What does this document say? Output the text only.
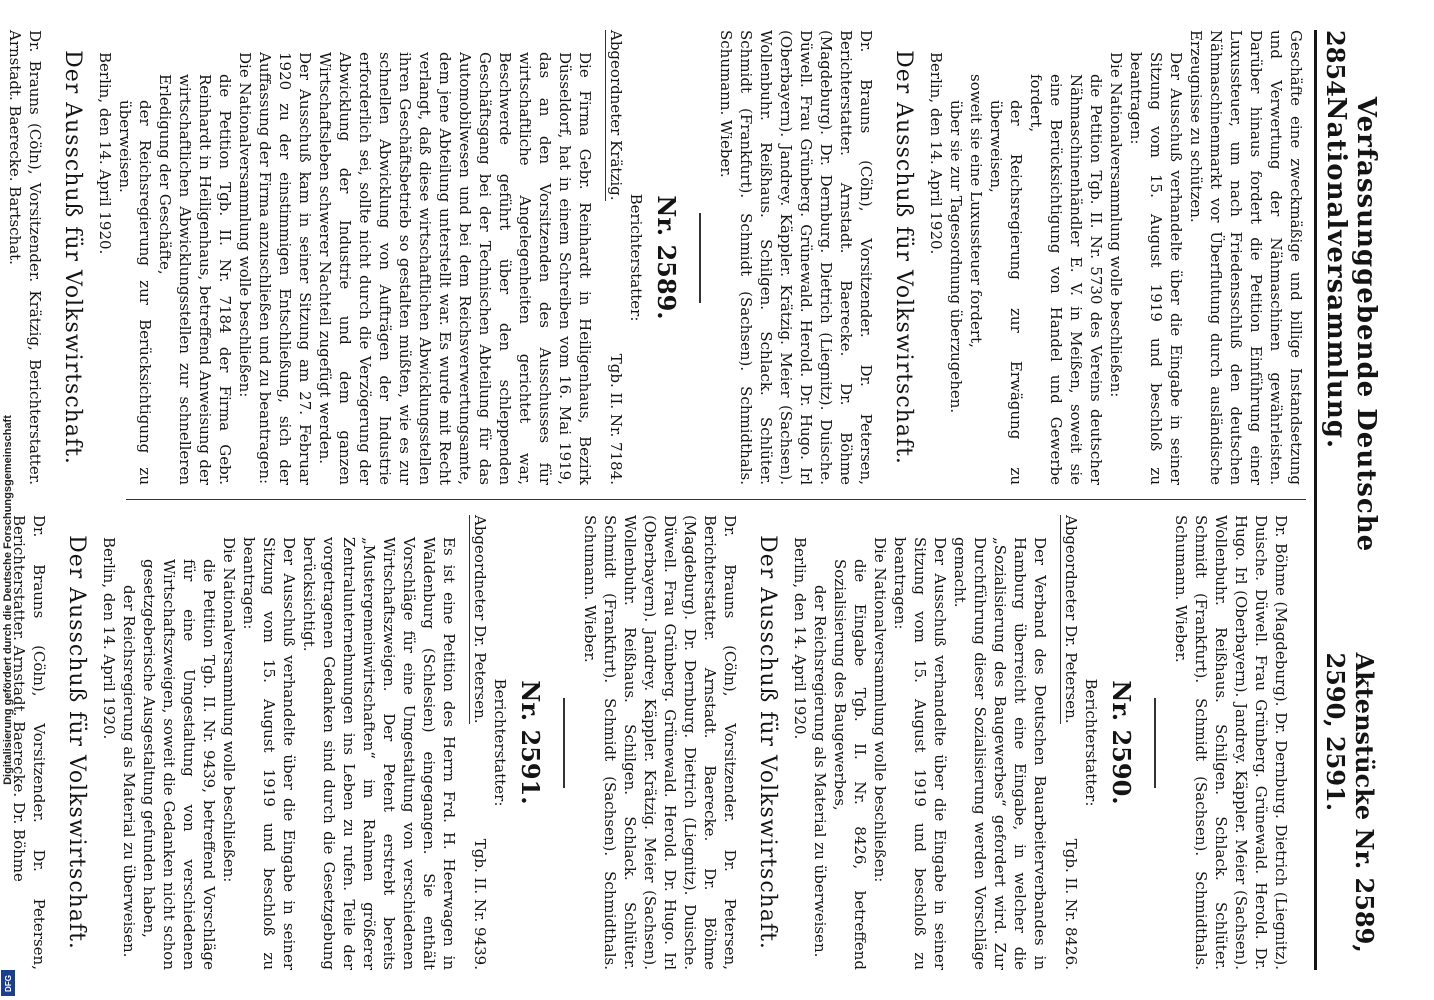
Digitalisierung gefördert durch die Deutsche Forschungsgemeinschaft
DFG
2854
Verfassunggebende Deutsche Nationalversammlung.
Aktenstücke Nr. 2589, 2590, 2591.

Geschäfte eine zweckmäßige und billige Instandsetzung und Verwertung der Nähmaschinen gewährleisten. Darüber hinaus fordert die Petition Einführung einer Luxussteuer, um nach Friedensschluß den deutschen Nähmaschinenmarkt vor Überflutung durch ausländische Erzeugnisse zu schützen.

Der Ausschuß verhandelte über die Eingabe in seiner Sitzung vom 15. August 1919 und beschloß zu beantragen:

Die Nationalversammlung wolle beschließen:

die Petition Tgb. II. Nr. 5730 des Vereins deutscher Nähmaschinenhändler E. V. in Meißen, soweit sie eine Berücksichtigung von Handel und Gewerbe fordert,

der Reichsregierung zur Erwägung zu überweisen,

soweit sie eine Luxussteuer fordert,

über sie zur Tagesordnung überzugehen.

Berlin, den 14. April 1920.

Der Ausschuß für Volkswirtschaft.

Dr. Brauns (Cöln), Vorsitzender. Dr. Petersen, Berichterstatter. Arnstadt. Baerecke. Dr. Böhme (Magdeburg). Dr. Dernburg. Dietrich (Liegnitz). Duische. Düwell. Frau Grünberg. Grünewald. Herold. Dr. Hugo. Irl (Oberbayern). Jandrey. Käppler. Krätzig. Meier (Sachsen). Wollenbuhr. Reißhaus. Schilgen. Schlack. Schlüter. Schmidt (Frankfurt). Schmidt (Sachsen). Schmidthals. Schumann. Wieber.

Nr. 2589.
Berichterstatter:
Abgeordneter Krätzig.
Tgb. II. Nr. 7184.

Die Firma Gebr. Reinhardt in Heiligenhaus, Bezirk Düsseldorf, hat in einem Schreiben vom 16. Mai 1919, das an den Vorsitzenden des Ausschusses für wirtschaftliche Angelegenheiten gerichtet war, Beschwerde geführt über den schleppenden Geschäftsgang bei der Technischen Abteilung für das Automobilwesen und bei dem Reichsverwertungsamte, dem jene Abteilung unterstellt war. Es wurde mit Recht verlangt, daß diese wirtschaftlichen Abwicklungsstellen ihren Geschäftsbetrieb so gestalten müßten, wie es zur schnellen Abwicklung von Aufträgen der Industrie erforderlich sei, sollte nicht durch die Verzögerung der Abwicklung der Industrie und dem ganzen Wirtschaftsleben schwerer Nachteil zugefügt werden.

Der Ausschuß kam in seiner Sitzung am 27. Februar 1920 zu der einstimmigen Entschließung, sich der Auffassung der Firma anzuschließen und zu beantragen:

Die Nationalversammlung wolle beschließen:

die Petition Tgb. II. Nr. 7184 der Firma Gebr. Reinhardt in Heiligenhaus, betreffend Anweisung der wirtschaftlichen Abwicklungsstellen zur schnelleren Erledigung der Geschäfte,

der Reichsregierung zur Berücksichtigung zu überweisen.

Berlin, den 14. April 1920.

Der Ausschuß für Volkswirtschaft.

Dr. Brauns (Cöln), Vorsitzender. Krätzig, Berichterstatter. Arnstadt. Baerecke. Bartschat.

Dr. Böhme (Magdeburg). Dr. Dernburg. Dietrich (Liegnitz). Duische. Düwell. Frau Grünberg. Grünewald. Herold. Dr. Hugo. Irl (Oberbayern). Jandrey. Käppler. Meier (Sachsen). Wollenbuhr. Reißhaus. Schilgen. Schlack. Schlüter. Schmidt (Frankfurt). Schmidt (Sachsen). Schmidthals. Schumann. Wieber.

Nr. 2590.
Berichterstatter:
Abgeordneter Dr. Petersen.
Tgb. II. Nr. 8426.

Der Verband des Deutschen Bauarbeiterverbandes in Hamburg überreicht eine Eingabe, in welcher die „Sozialisierung des Baugewerbes“ gefordert wird. Zur Durchführung dieser Sozialisierung werden Vorschläge gemacht.

Der Ausschuß verhandelte über die Eingabe in seiner Sitzung vom 15. August 1919 und beschloß zu beantragen:

Die Nationalversammlung wolle beschließen:

die Eingabe Tgb. II. Nr. 8426, betreffend Sozialisierung des Baugewerbes,

der Reichsregierung als Material zu überweisen.

Berlin, den 14. April 1920.

Der Ausschuß für Volkswirtschaft.

Dr. Brauns (Cöln), Vorsitzender. Dr. Petersen, Berichterstatter. Arnstadt. Baerecke. Dr. Böhme (Magdeburg). Dr. Dernburg. Dietrich (Liegnitz). Duische. Düwell. Frau Grünberg. Grünewald. Herold. Dr. Hugo. Irl (Oberbayern). Jandrey. Käppler. Krätzig. Meier (Sachsen). Wollenbuhr. Reißhaus. Schilgen. Schlack. Schlüter. Schmidt (Frankfurt). Schmidt (Sachsen). Schmidthals. Schumann. Wieber.

Nr. 2591.
Berichterstatter:
Abgeordneter Dr. Petersen.
Tgb. II. Nr. 9439.

Es ist eine Petition des Herrn Frd. H. Heerwagen in Waldenburg (Schlesien) eingegangen. Sie enthält Vorschläge für eine Umgestaltung von verschiedenen Wirtschaftszweigen. Der Petent erstrebt bereits „Mustergemeinwirtschaften“ im Rahmen größerer Zentralunternehmungen ins Leben zu rufen. Teile der vorgetragenen Gedanken sind durch die Gesetzgebung berücksichtigt.

Der Ausschuß verhandelte über die Eingabe in seiner Sitzung vom 15. August 1919 und beschloß zu beantragen:

Die Nationalversammlung wolle beschließen:

die Petition Tgb. II. Nr. 9439, betreffend Vorschläge für eine Umgestaltung von verschiedenen Wirtschaftszweigen, soweit die Gedanken nicht schon gesetzgeberische Ausgestaltung gefunden haben,

der Reichsregierung als Material zu überweisen.

Berlin, den 14. April 1920.

Der Ausschuß für Volkswirtschaft.

Dr. Brauns (Cöln), Vorsitzender. Dr. Petersen, Berichterstatter. Arnstadt. Baerecke. Dr. Böhme
